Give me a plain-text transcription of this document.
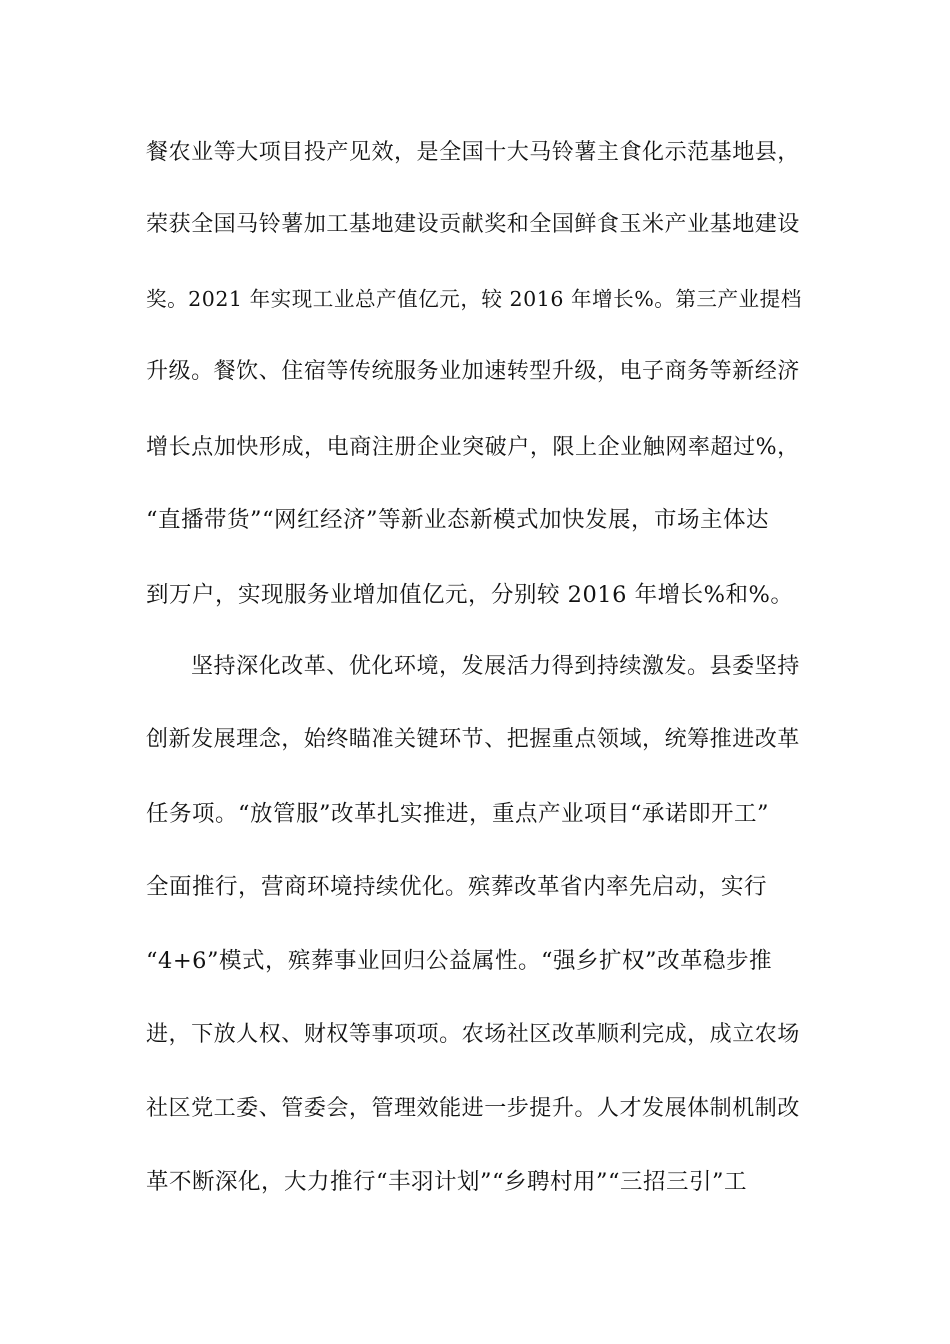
餐农业等大项目投产见效，是全国十大马铃薯主食化示范基地县，
荣获全国马铃薯加工基地建设贡献奖和全国鲜食玉米产业基地建设
奖。2021 年实现工业总产值亿元，较 2016 年增长%。第三产业提档
升级。餐饮、住宿等传统服务业加速转型升级，电子商务等新经济
增长点加快形成，电商注册企业突破户，限上企业触网率超过%，
“直播带货”“网红经济”等新业态新模式加快发展，市场主体达
到万户，实现服务业增加值亿元，分别较 2016 年增长%和%。
坚持深化改革、优化环境，发展活力得到持续激发。县委坚持
创新发展理念，始终瞄准关键环节、把握重点领域，统筹推进改革
任务项。“放管服”改革扎实推进，重点产业项目“承诺即开工”
全面推行，营商环境持续优化。殡葬改革省内率先启动，实行
“4+6”模式，殡葬事业回归公益属性。“强乡扩权”改革稳步推
进，下放人权、财权等事项项。农场社区改革顺利完成，成立农场
社区党工委、管委会，管理效能进一步提升。人才发展体制机制改
革不断深化，大力推行“丰羽计划”“乡聘村用”“三招三引”工
